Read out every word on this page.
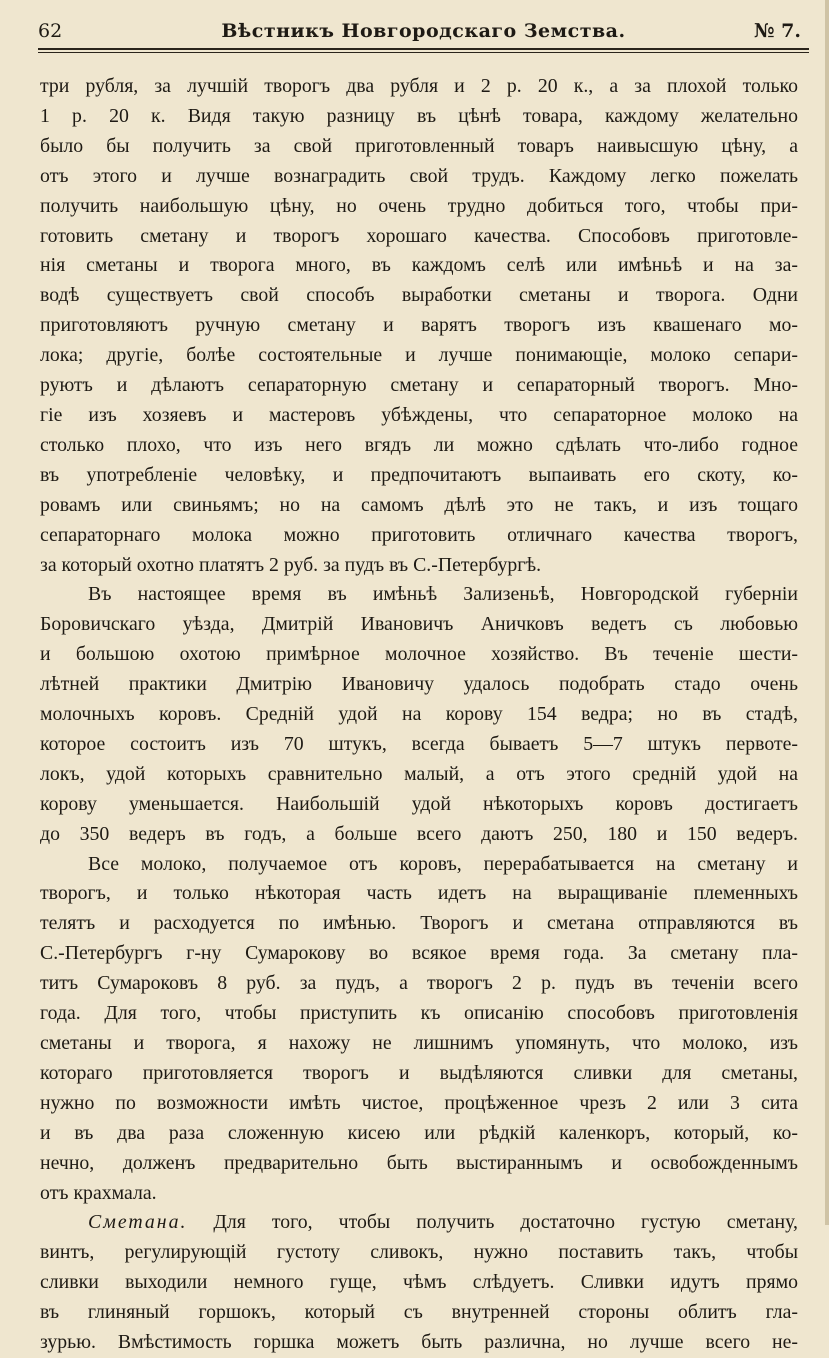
62	Вѣстникъ Новгородскаго Земства.	№ 7.
три рубля, за лучшій творогъ два рубля и 2 р. 20 к., а за плохой только
1 р. 20 к. Видя такую разницу въ цѣнѣ товара, каждому желательно
было бы получить за свой приготовленный товаръ наивысшую цѣну, а
отъ этого и лучше вознаградить свой трудъ. Каждому легко пожелать
получить наибольшую цѣну, но очень трудно добиться того, чтобы при-
готовить сметану и творогъ хорошаго качества. Способовъ приготовле-
нія сметаны и творога много, въ каждомъ селѣ или имѣньѣ и на за-
водѣ существуетъ свой способъ выработки сметаны и творога. Одни
приготовляютъ ручную сметану и варятъ творогъ изъ квашенаго мо-
лока; другіе, болѣе состоятельные и лучше понимающіе, молоко сепари-
руютъ и дѣлаютъ сепараторную сметану и сепараторный творогъ. Мно-
гіе изъ хозяевъ и мастеровъ убѣждены, что сепараторное молоко на
столько плохо, что изъ него вгядъ ли можно сдѣлать что-либо годное
въ употребленіе человѣку, и предпочитаютъ выпаивать его скоту, ко-
ровамъ или свиньямъ; но на самомъ дѣлѣ это не такъ, и изъ тощаго
сепараторнаго молока можно приготовить отличнаго качества творогъ,
за который охотно платятъ 2 руб. за пудъ въ С.-Петербургѣ.
Въ настоящее время въ имѣньѣ Зализеньѣ, Новгородской губерніи
Боровичскаго уѣзда, Дмитрій Ивановичъ Аничковъ ведетъ съ любовью
и большою охотою примѣрное молочное хозяйство. Въ теченіе шести-
лѣтней практики Дмитрію Ивановичу удалось подобрать стадо очень
молочныхъ коровъ. Средній удой на корову 154 ведра; но въ стадѣ,
которое состоитъ изъ 70 штукъ, всегда бываетъ 5—7 штукъ первоте-
локъ, удой которыхъ сравнительно малый, а отъ этого средній удой на
корову уменьшается. Наибольшій удой нѣкоторыхъ коровъ достигаетъ
до 350 ведеръ въ годъ, а больше всего даютъ 250, 180 и 150 ведеръ.
Все молоко, получаемое отъ коровъ, перерабатывается на сметану и
творогъ, и только нѣкоторая часть идетъ на выращиваніе племенныхъ
телятъ и расходуется по имѣнью. Творогъ и сметана отправляются въ
С.-Петербургъ г-ну Сумарокову во всякое время года. За сметану пла-
титъ Сумароковъ 8 руб. за пудъ, а творогъ 2 р. пудъ въ теченіи всего
года. Для того, чтобы приступить къ описанію способовъ приготовленія
сметаны и творога, я нахожу не лишнимъ упомянуть, что молоко, изъ
котораго приготовляется творогъ и выдѣляются сливки для сметаны,
нужно по возможности имѣть чистое, процѣженное чрезъ 2 или 3 сита
и въ два раза сложенную кисею или рѣдкій каленкоръ, который, ко-
нечно, долженъ предварительно быть выстираннымъ и освобожденнымъ
отъ крахмала.
Сметана. Для того, чтобы получить достаточно густую сметану,
винтъ, регулирующій густоту сливокъ, нужно поставить такъ, чтобы
сливки выходили немного гуще, чѣмъ слѣдуетъ. Сливки идутъ прямо
въ глиняный горшокъ, который съ внутренней стороны облитъ гла-
зурью. Вмѣстимость горшка можетъ быть различна, но лучше всего не-
